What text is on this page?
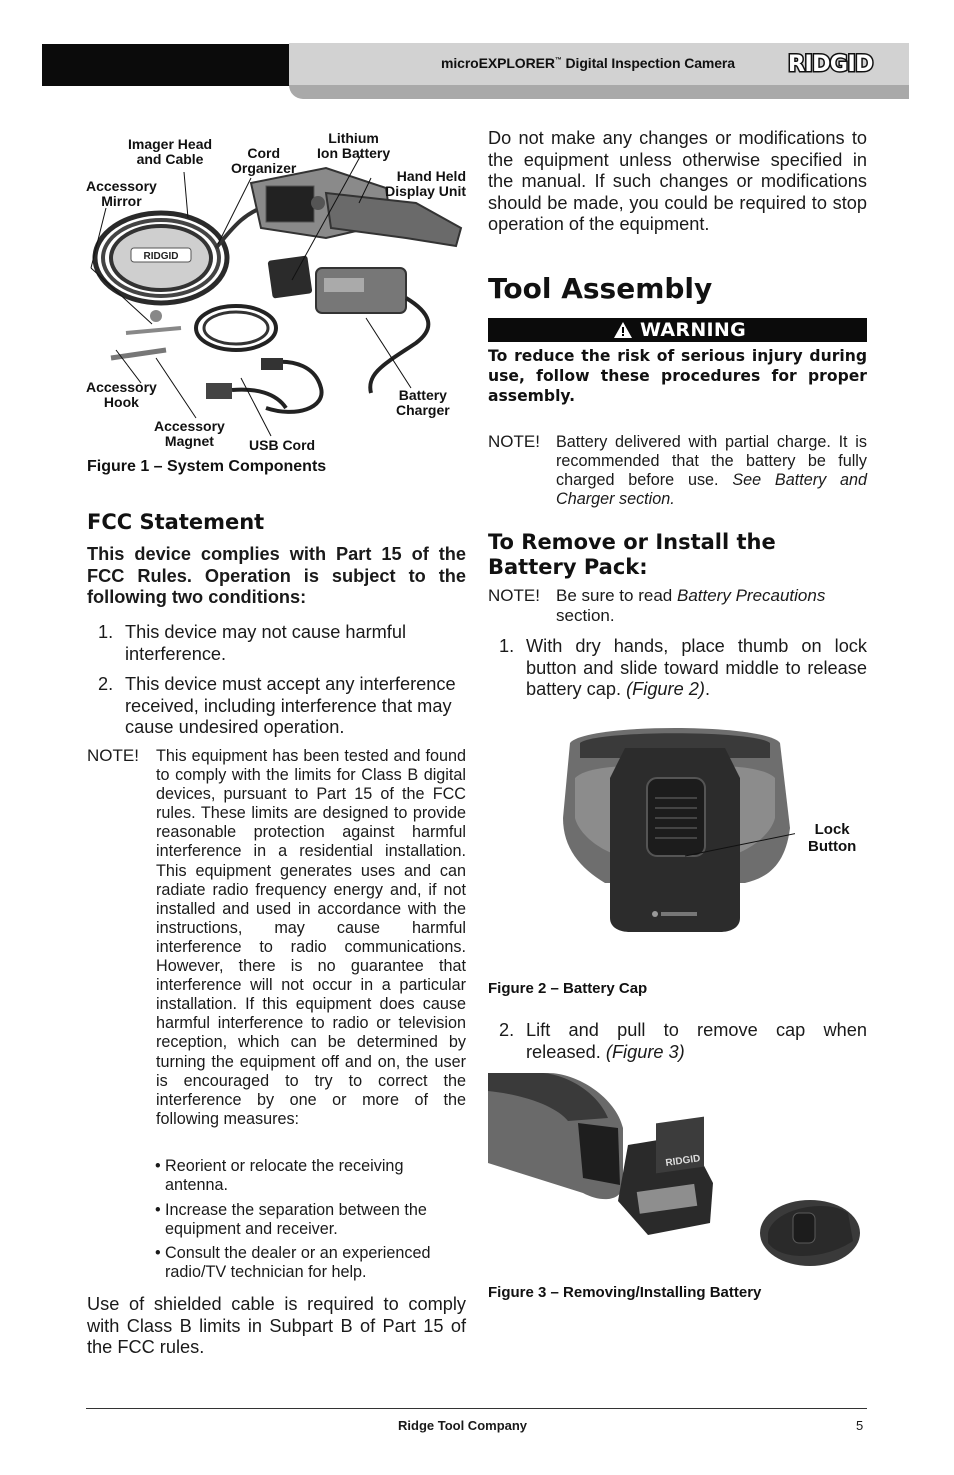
microEXPLORER™ Digital Inspection Camera RIDGID
RIDGID
Imager Head
and Cable	Cord
Organizer
Lithium
Ion Battery
Hand Held
Display Unit
Accessory
Mirror
Accessory
Hook
Accessory
Magnet	USB Cord
Battery
Charger
Figure 1 – System Components
FCC Statement
This device complies with Part 15 of the FCC Rules. Operation is subject to the following two conditions:
1. This device may not cause harmful interference.
2. This device must accept any interference received, including interference that may cause undesired operation.
NOTE! This equipment has been tested and found to comply with the limits for Class B digital devices, pursuant to Part 15 of the FCC rules. These limits are designed to provide reasonable protection against harmful interference in a residential installation. This equipment generates uses and can radiate radio frequency energy and, if not installed and used in accordance with the instructions, may cause harmful interference to radio communications. However, there is no guarantee that interference will not occur in a particular installation. If this equipment does cause harmful interference to radio or television reception, which can be determined by turning the equipment off and on, the user is encouraged to try to correct the interference by one or more of the following measures:
• Reorient or relocate the receiving antenna.
• Increase the separation between the equipment and receiver.
• Consult the dealer or an experienced radio/TV technician for help.
Use of shielded cable is required to comply with Class B limits in Subpart B of Part 15 of the FCC rules.
Do not make any changes or modifications to the equipment unless otherwise specified in the manual. If such changes or modifications should be made, you could be required to stop operation of the equipment.
Tool Assembly
WARNING
To reduce the risk of serious injury during use, follow these procedures for proper assembly.
NOTE! Battery delivered with partial charge. It is recommended that the battery be fully charged before use. See Battery and Charger section.
To Remove or Install the
Battery Pack:
NOTE! Be sure to read Battery Precautions
section.
1. With dry hands, place thumb on lock button and slide toward middle to release battery cap. (Figure 2).
Lock
Button
Figure 2 – Battery Cap
2. Lift and pull to remove cap when released. (Figure 3)
RIDGID
Figure 3 – Removing/Installing Battery
Ridge Tool Company	5
